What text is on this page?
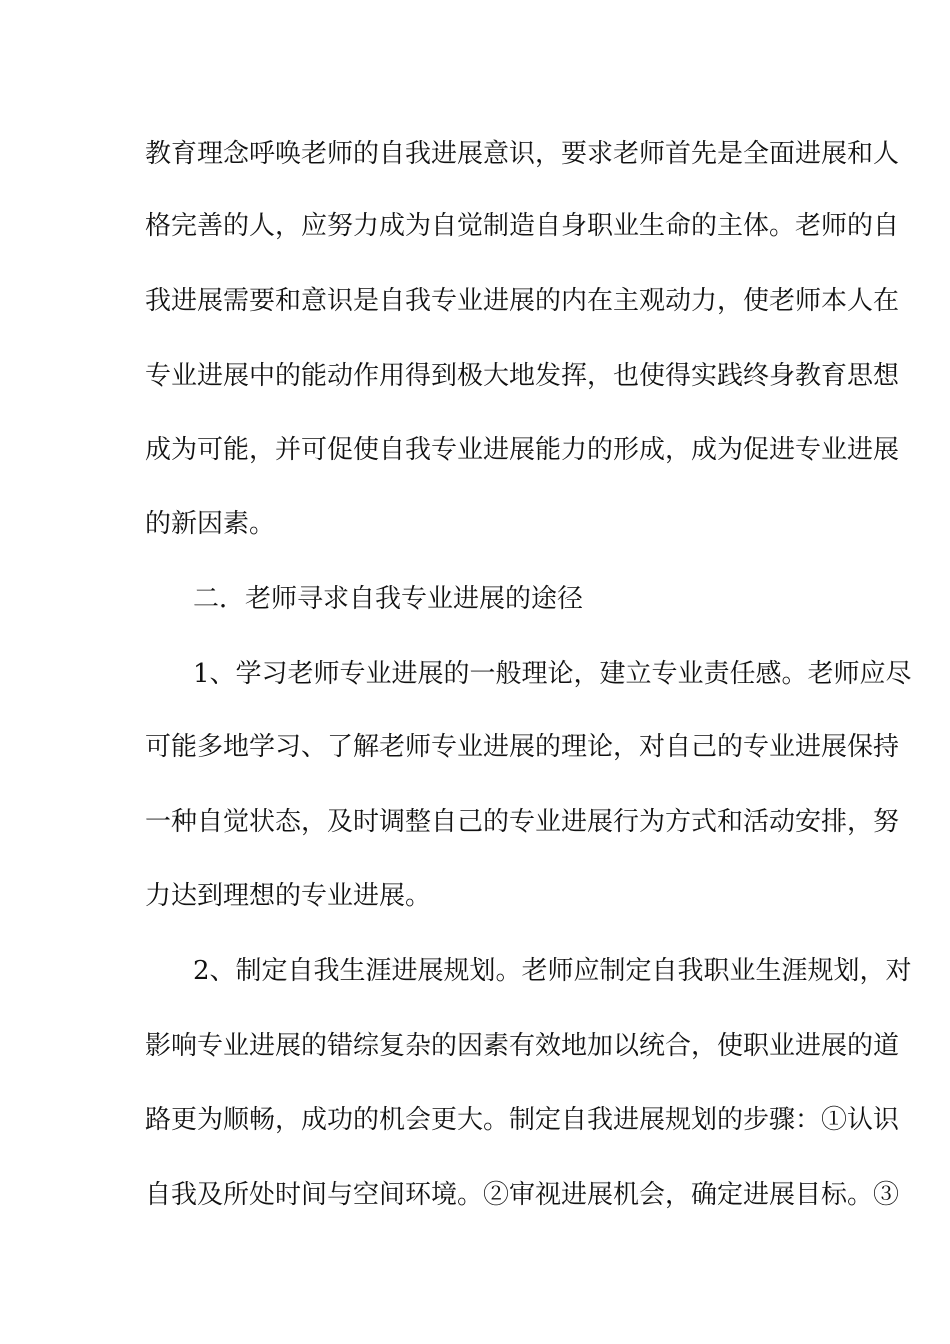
教育理念呼唤老师的自我进展意识，要求老师首先是全面进展和人
格完善的人，应努力成为自觉制造自身职业生命的主体。老师的自
我进展需要和意识是自我专业进展的内在主观动力，使老师本人在
专业进展中的能动作用得到极大地发挥，也使得实践终身教育思想
成为可能，并可促使自我专业进展能力的形成，成为促进专业进展
的新因素。
二．老师寻求自我专业进展的途径
1、学习老师专业进展的一般理论，建立专业责任感。老师应尽
可能多地学习、了解老师专业进展的理论，对自己的专业进展保持
一种自觉状态，及时调整自己的专业进展行为方式和活动安排，努
力达到理想的专业进展。
2、制定自我生涯进展规划。老师应制定自我职业生涯规划，对
影响专业进展的错综复杂的因素有效地加以统合，使职业进展的道
路更为顺畅，成功的机会更大。制定自我进展规划的步骤：①认识
自我及所处时间与空间环境。②审视进展机会，确定进展目标。③
